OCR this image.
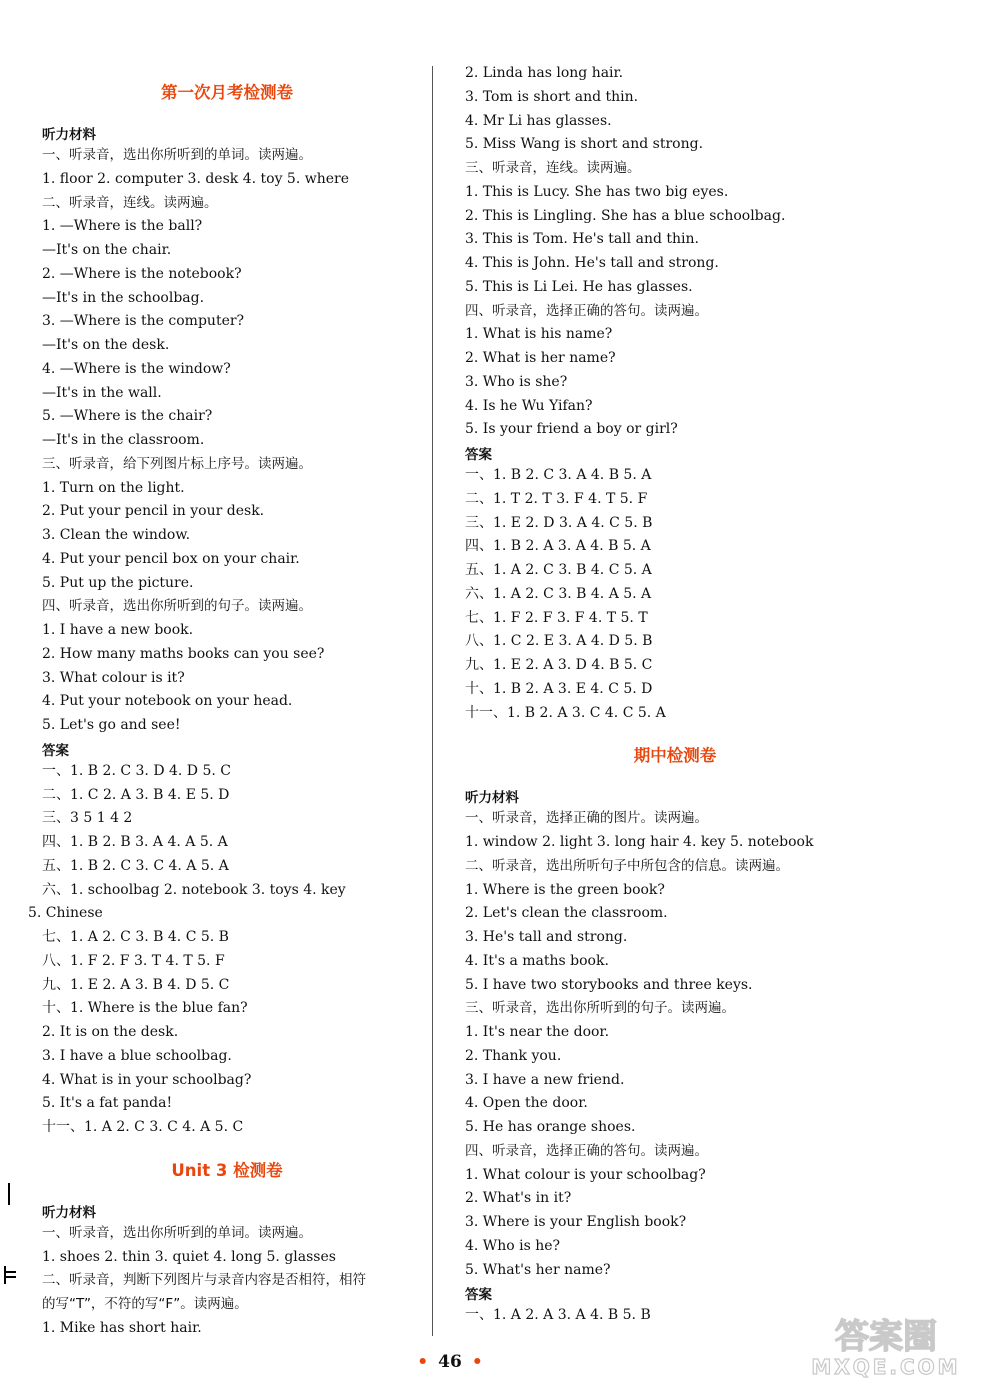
第一次月考检测卷
听力材料
一、听录音，选出你所听到的单词。读两遍。
1. floor 2. computer 3. desk 4. toy 5. where
二、听录音，连线。读两遍。
1. —Where is the ball?
—It's on the chair.
2. —Where is the notebook?
—It's in the schoolbag.
3. —Where is the computer?
—It's on the desk.
4. —Where is the window?
—It's in the wall.
5. —Where is the chair?
—It's in the classroom.
三、听录音，给下列图片标上序号。读两遍。
1. Turn on the light.
2. Put your pencil in your desk.
3. Clean the window.
4. Put your pencil box on your chair.
5. Put up the picture.
四、听录音，选出你所听到的句子。读两遍。
1. I have a new book.
2. How many maths books can you see?
3. What colour is it?
4. Put your notebook on your head.
5. Let's go and see!
答案
一、1. B 2. C 3. D 4. D 5. C
二、1. C 2. A 3. B 4. E 5. D
三、3 5 1 4 2
四、1. B 2. B 3. A 4. A 5. A
五、1. B 2. C 3. C 4. A 5. A
六、1. schoolbag 2. notebook 3. toys 4. key
5. Chinese
七、1. A 2. C 3. B 4. C 5. B
八、1. F 2. F 3. T 4. T 5. F
九、1. E 2. A 3. B 4. D 5. C
十、1. Where is the blue fan?
2. It is on the desk.
3. I have a blue schoolbag.
4. What is in your schoolbag?
5. It's a fat panda!
十一、1. A 2. C 3. C 4. A 5. C
Unit 3 检测卷
听力材料
一、听录音，选出你所听到的单词。读两遍。
1. shoes 2. thin 3. quiet 4. long 5. glasses
二、听录音，判断下列图片与录音内容是否相符，相符
的写“T”，不符的写“F”。读两遍。
1. Mike has short hair.
2. Linda has long hair.
3. Tom is short and thin.
4. Mr Li has glasses.
5. Miss Wang is short and strong.
三、听录音，连线。读两遍。
1. This is Lucy. She has two big eyes.
2. This is Lingling. She has a blue schoolbag.
3. This is Tom. He's tall and thin.
4. This is John. He's tall and strong.
5. This is Li Lei. He has glasses.
四、听录音，选择正确的答句。读两遍。
1. What is his name?
2. What is her name?
3. Who is she?
4. Is he Wu Yifan?
5. Is your friend a boy or girl?
答案
一、1. B 2. C 3. A 4. B 5. A
二、1. T 2. T 3. F 4. T 5. F
三、1. E 2. D 3. A 4. C 5. B
四、1. B 2. A 3. A 4. B 5. A
五、1. A 2. C 3. B 4. C 5. A
六、1. A 2. C 3. B 4. A 5. A
七、1. F 2. F 3. F 4. T 5. T
八、1. C 2. E 3. A 4. D 5. B
九、1. E 2. A 3. D 4. B 5. C
十、1. B 2. A 3. E 4. C 5. D
十一、1. B 2. A 3. C 4. C 5. A
期中检测卷
听力材料
一、听录音，选择正确的图片。读两遍。
1. window 2. light 3. long hair 4. key 5. notebook
二、听录音，选出所听句子中所包含的信息。读两遍。
1. Where is the green book?
2. Let's clean the classroom.
3. He's tall and strong.
4. It's a maths book.
5. I have two storybooks and three keys.
三、听录音，选出你所听到的句子。读两遍。
1. It's near the door.
2. Thank you.
3. I have a new friend.
4. Open the door.
5. He has orange shoes.
四、听录音，选择正确的答句。读两遍。
1. What colour is your schoolbag?
2. What's in it?
3. Where is your English book?
4. Who is he?
5. What's her name?
答案
一、1. A 2. A 3. A 4. B 5. B
• 46 •
答案圈
MXQE.COM
